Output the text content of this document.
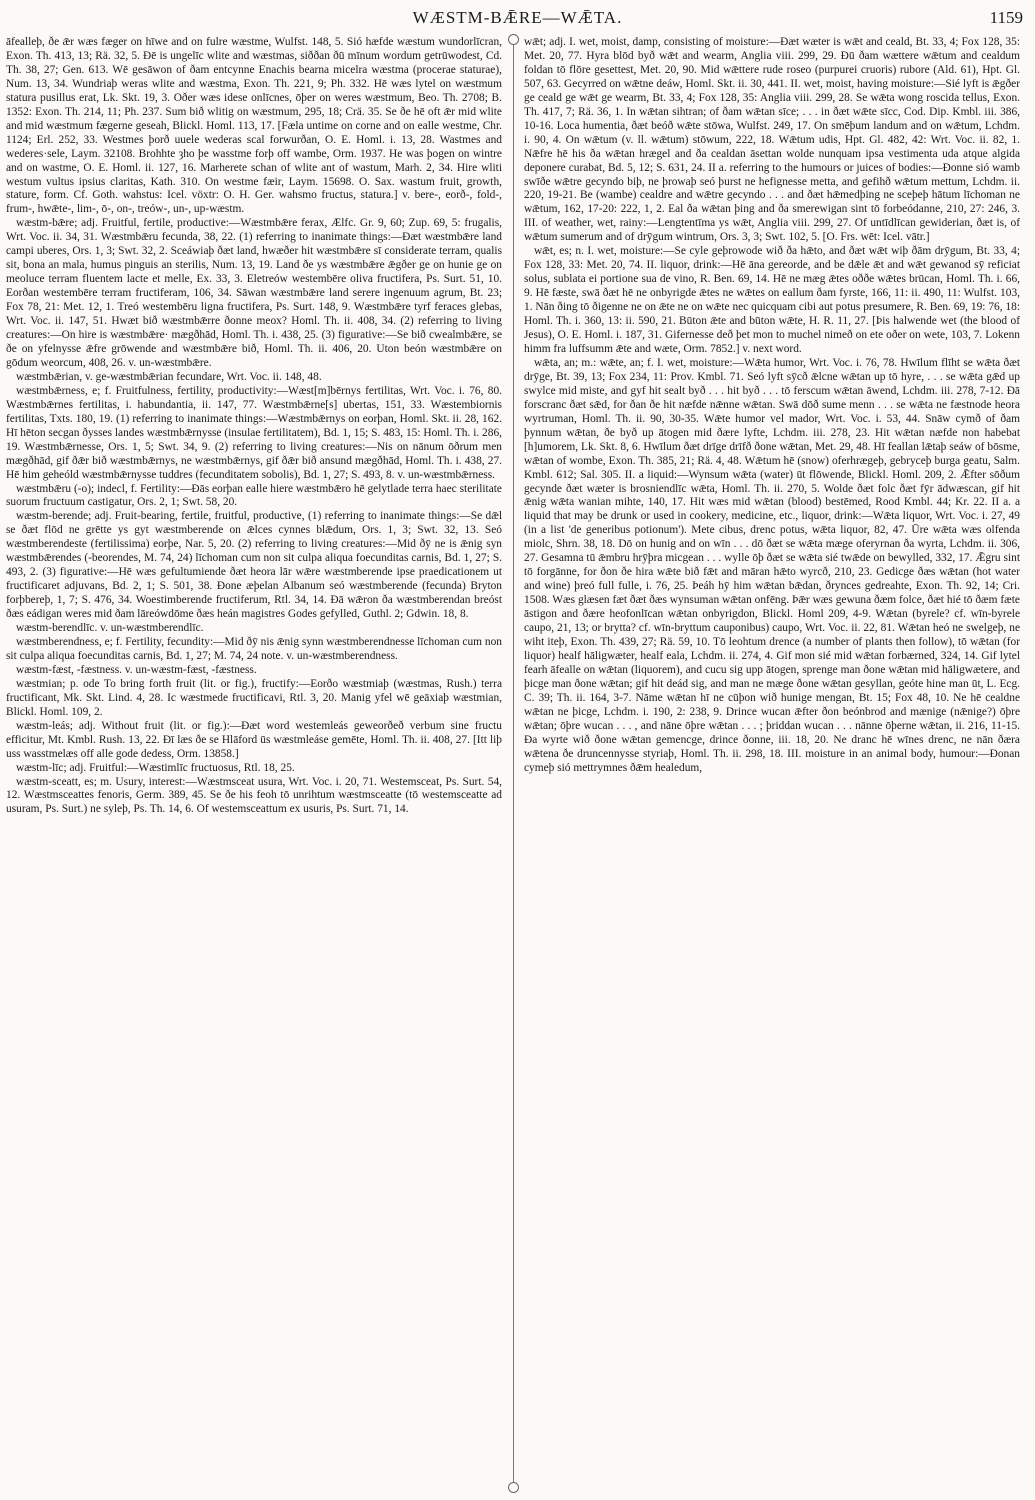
WÆSTM-BǢRE—WǢTA.	1159

āfealleþ, ðe ǣr wæs fæger on hīwe and on fulre wæstme, Wulfst. 148, 5. Sió hæfde wæstum wundorlīcran, Exon. Th. 413, 13; Rä. 32, 5. Ðē is ungelīc wlite and wæstmas, siððan ðū mīnum wordum getrūwodest, Cd. Th. 38, 27; Gen. 613. Wē gesāwon of ðam entcynne Enachis bearna micelra wæstma (procerae staturae), Num. 13, 34. Wundriaþ weras wlite and wæstma, Exon. Th. 221, 9; Ph. 332. Hē wæs lytel on wæstmum statura pusillus erat, Lk. Skt. 19, 3. Oðer wæs idese onlīcnes, ōþer on weres wæstmum, Beo. Th. 2708; B. 1352: Exon. Th. 214, 11; Ph. 237. Sum bið wlitig on wæstmum, 295, 18; Crä. 35. Se ðe hē oft ǣr mid wlite and mid wæstmum fægerne geseah, Blickl. Homl. 113, 17. [Fæla untime on corne and on ealle westme, Chr. 1124; Erl. 252, 33. Westmes þorð uuele wederas scal forwurðan, O. E. Homl. i. 13, 28. Wastmes and wederes·sele, Laym. 32108. Brohhte ȝho þe wasstme forþ off wambe, Orm. 1937. He was þogen on wintre and on wastme, O. E. Homl. ii. 127, 16. Marherete schan of wlite ant of wastum, Marh. 2, 34. Hire wliti westum vultus ipsius claritas, Kath. 310. On westme fæir, Laym. 15698. O. Sax. wastum fruit, growth, stature, form. Cf. Goth. wahstus: Icel. vöxtr: O. H. Ger. wahsmo fructus, statura.] v. bere-, eorð-, fold-, frum-, hwǣte-, lim-, ō-, on-, treów-, un-, up-wæstm.

wæstm-bǣre; adj. Fruitful, fertile, productive:—Wæstmbǣre ferax, Ælfc. Gr. 9, 60; Zup. 69, 5: frugalis, Wrt. Voc. ii. 34, 31. Wæstmbǣru fecunda, 38, 22. (1) referring to inanimate things:—Ðæt wæstmbǣre land campi uberes, Ors. 1, 3; Swt. 32, 2. Sceáwiaþ ðæt land, hwæðer hit wæstmbǣre sī considerate terram, qualis sit, bona an mala, humus pinguis an sterilis, Num. 13, 19. Land ðe ys wæstmbǣre ǣgðer ge on hunie ge on meoluce terram fluentem lacte et melle, Ex. 33, 3. Eletreów westembēre oliva fructifera, Ps. Surt. 51, 10. Eorðan westembēre terram fructiferam, 106, 34. Sāwan wæstmbǣre land serere ingenuum agrum, Bt. 23; Fox 78, 21: Met. 12, 1. Treó westembēru ligna fructifera, Ps. Surt. 148, 9. Wæstmbǣre tyrf feraces glebas, Wrt. Voc. ii. 147, 51. Hwæt bið wæstmbǣrre ðonne meox? Homl. Th. ii. 408, 34. (2) referring to living creatures:—On hire is wæstmbǣre· mægðhād, Homl. Th. i. 438, 25. (3) figurative:—Se bið cwealmbǣre, se ðe on yfelnysse ǣfre grōwende and wæstmbǣre bið, Homl. Th. ii. 406, 20. Uton beón wæstmbǣre on gōdum weorcum, 408, 26. v. un-wæstmbǣre.

wæstmbǣrian, v. ge-wæstmbǣrian fecundare, Wrt. Voc. ii. 148, 48.

wæstmbǣrness, e; f. Fruitfulness, fertility, productivity:—Wæst[m]bērnys fertilitas, Wrt. Voc. i. 76, 80. Wæstmbǣrnes fertilitas, i. habundantia, ii. 147, 77. Wæstmbǣrne[s] ubertas, 151, 33. Wæstembiornis fertilitas, Txts. 180, 19. (1) referring to inanimate things:—Wæstmbǣrnys on eorþan, Homl. Skt. ii. 28, 162. Hī hēton secgan ðysses landes wæstmbǣrnysse (insulae fertilitatem), Bd. 1, 15; S. 483, 15: Homl. Th. i. 286, 19. Wæstmbǣrnesse, Ors. 1, 5; Swt. 34, 9. (2) referring to living creatures:—Nis on nānum ōðrum men mægðhād, gif ðǣr bið wæstmbǣrnys, ne wæstmbǣrnys, gif ðǣr bið ansund mægðhād, Homl. Th. i. 438, 27. Hē him geheóld wæstmbǣrnysse tuddres (fecunditatem sobolis), Bd. 1, 27; S. 493, 8. v. un-wæstmbǣrness.

wæstmbǣru (-o); indecl, f. Fertility:—Ðās eorþan ealle hiere wæstmbǣro hē gelytlade terra haec sterilitate suorum fructuum castigatur, Ors. 2, 1; Swt. 58, 20.

wæstm-berende; adj. Fruit-bearing, fertile, fruitful, productive, (1) referring to inanimate things:—Se dǣl se ðæt flōd ne grētte ys gyt wæstmberende on ǣlces cynnes blǣdum, Ors. 1, 3; Swt. 32, 13. Seó wæstmberendeste (fertilissima) eorþe, Nar. 5, 20. (2) referring to living creatures:—Mid ðȳ ne is ǣnig syn wæstmbǣrendes (-beorendes, M. 74, 24) līchoman cum non sit culpa aliqua foecunditas carnis, Bd. 1, 27; S. 493, 2. (3) figurative:—Hē wæs gefultumiende ðæt heora lār wǣre wæstmberende ipse praedicationem ut fructificaret adjuvans, Bd. 2, 1; S. 501, 38. Ðone æþelan Albanum seó wæstmberende (fecunda) Bryton forþbereþ, 1, 7; S. 476, 34. Woestimberende fructiferum, Rtl. 34, 14. Ðā wǣron ða wæstmberendan breóst ðæs eádigan weres mid ðam lāreówdōme ðæs heán magistres Godes gefylled, Guthl. 2; Gdwin. 18, 8.

wæstm-berendlīc. v. un-wæstmberendlīc.

wæstmberendness, e; f. Fertility, fecundity:—Mid ðȳ nis ǣnig synn wæstmberendnesse līchoman cum non sit culpa aliqua foecunditas carnis, Bd. 1, 27; M. 74, 24 note. v. un-wæstmberendness.

wæstm-fæst, -fæstness. v. un-wæstm-fæst, -fæstness.

wæstmian; p. ode To bring forth fruit (lit. or fig.), fructify:—Eorðo wæstmiaþ (wæstmas, Rush.) terra fructificant, Mk. Skt. Lind. 4, 28. Ic wæstmede fructificavi, Rtl. 3, 20. Manig yfel wē geāxiaþ wæstmian, Blickl. Homl. 109, 2.

wæstm-leás; adj. Without fruit (lit. or fig.):—Ðæt word westemleás geweorðeð verbum sine fructu efficitur, Mt. Kmbl. Rush. 13, 22. Ðī læs ðe se Hlāford ūs wæstmleáse gemēte, Homl. Th. ii. 408, 27. [Itt liþ uss wasstmelæs off alle gode dedess, Orm. 13858.]

wæstm-līc; adj. Fruitful:—Wæstimlīc fructuosus, Rtl. 18, 25.

wæstm-sceatt, es; m. Usury, interest:—Wæstmsceat usura, Wrt. Voc. i. 20, 71. Westemsceat, Ps. Surt. 54, 12. Wæstmsceattes fenoris, Germ. 389, 45. Se ðe his feoh tō unrihtum wæstmsceatte (tō westemsceatte ad usuram, Ps. Surt.) ne syleþ, Ps. Th. 14, 6. Of westemsceattum ex usuris, Ps. Surt. 71, 14.

wǣt; adj. I. wet, moist, damp, consisting of moisture:—Ðæt wæter is wǣt and ceald, Bt. 33, 4; Fox 128, 35: Met. 20, 77. Hyra blōd byð wǣt and wearm, Anglia viii. 299, 29. Ðū ðam wættere wǣtum and cealdum foldan tō flōre gesettest, Met. 20, 90. Mid wǣttere rude roseo (purpurei cruoris) rubore (Ald. 61), Hpt. Gl. 507, 63. Gecyrred on wǣtne deáw, Homl. Skt. ii. 30, 441. II. wet, moist, having moisture:—Sié lyft is ǣgðer ge ceald ge wǣt ge wearm, Bt. 33, 4; Fox 128, 35: Anglia viii. 299, 28. Se wǣta wong roscida tellus, Exon. Th. 417, 7; Rä. 36, 1. In wǣtan sihtran; of ðam wǣtan sīce; . . . in ðæt wǣte sīcc, Cod. Dip. Kmbl. iii. 386, 10-16. Loca humentia, ðæt beóð wǣte stōwa, Wulfst. 249, 17. On smēþum landum and on wǣtum, Lchdm. i. 90, 4. On wǣtum (v. ll. wǣtum) stōwum, 222, 18. Wǣtum udis, Hpt. Gl. 482, 42: Wrt. Voc. ii. 82, 1. Nǣfre hē his ða wǣtan hrægel and ða cealdan āsettan wolde nunquam ipsa vestimenta uda atque algida deponere curabat, Bd. 5, 12; S. 631, 24. II a. referring to the humours or juices of bodies:—Ðonne sió wamb swīðe wǣtre gecyndo biþ, ne þrowaþ seó þurst ne hefignesse metta, and gefihð wǣtum mettum, Lchdm. ii. 220, 19-21. Be (wambe) cealdre and wǣtre gecyndo . . . and ðæt hǣmedþing ne sceþeþ hātum līchoman ne wǣtum, 162, 17-20: 222, 1, 2. Eal ða wǣtan þing and ða smerewigan sint tō forbeódanne, 210, 27: 246, 3. III. of weather, wet, rainy:—Lengtentīma ys wǣt, Anglia viii. 299, 27. Of untīdlīcan gewiderian, ðæt is, of wǣtum sumerum and of drȳgum wintrum, Ors. 3, 3; Swt. 102, 5. [O. Frs. wēt: Icel. vātr.]

wǣt, es; n. I. wet, moisture:—Se cyle geþrowode wið ða hǣto, and ðæt wǣt wiþ ðām drȳgum, Bt. 33, 4; Fox 128, 33: Met. 20, 74. II. liquor, drink:—Hē āna gereorde, and be dǣle ǣt and wǣt gewanod sȳ reficiat solus, sublata ei portione sua de vino, R. Ben. 69, 14. Hē ne mæg ǣtes oððe wǣtes brūcan, Homl. Th. i. 66, 9. Hē fæste, swā ðæt hē ne onbyrigde ǣtes ne wǣtes on eallum ðam fyrste, 166, 11: ii. 490, 11: Wulfst. 103, 1. Nān ðing tō ðigenne ne on ǣte ne on wǣte nec quicquam cibi aut potus presumere, R. Ben. 69, 19: 76, 18: Homl. Th. i. 360, 13: ii. 590, 21. Būton ǣte and būton wǣte, H. R. 11, 27. [Þis halwende wet (the blood of Jesus), O. E. Homl. i. 187, 31. Gifernesse deð þet mon to muchel nimeð on ete oðer on wete, 103, 7. Lokenn himm fra luffsumm ǣte and wæte, Orm. 7852.] v. next word.

wǣta, an; m.: wǣte, an; f. I. wet, moisture:—Wǣta humor, Wrt. Voc. i. 76, 78. Hwīlum flīht se wǣta ðæt drȳge, Bt. 39, 13; Fox 234, 11: Prov. Kmbl. 71. Seó lyft sȳcð ǣlcne wǣtan up tō hyre, . . . se wǣta gǣd up swylce mid miste, and gyf hit sealt byð . . . hit byð . . . tō ferscum wǣtan āwend, Lchdm. iii. 278, 7-12. Ðā forscranc ðæt sǣd, for ðan ðe hit næfde nǣnne wǣtan. Swā dōð sume menn . . . se wǣta ne fæstnode heora wyrtruman, Homl. Th. ii. 90, 30-35. Wǣte humor vel mador, Wrt. Voc. i. 53, 44. Snāw cymð of ðam þynnum wǣtan, ðe byð up ātogen mid ðære lyfte, Lchdm. iii. 278, 23. Hit wǣtan næfde non habebat [h]umorem, Lk. Skt. 8, 6. Hwīlum ðæt drīge drīfð ðone wǣtan, Met. 29, 48. Hī feallan lǣtaþ seáw of bōsme, wǣtan of wombe, Exon. Th. 385, 21; Rä. 4, 48. Wǣtum hē (snow) oferhrægeþ, gebryceþ burga geatu, Salm. Kmbl. 612; Sal. 305. II. a liquid:—Wynsum wǣta (water) ūt flōwende, Blickl. Homl. 209, 2. Ǣfter sōðum gecynde ðæt wæter is brosniendlīc wǣta, Homl. Th. ii. 270, 5. Wolde ðæt folc ðæt fȳr ādwæscan, gif hit ǣnig wǣta wanian mihte, 140, 17. Hit wæs mid wǣtan (blood) bestēmed, Rood Kmbl. 44; Kr. 22. II a. a liquid that may be drunk or used in cookery, medicine, etc., liquor, drink:—Wǣta liquor, Wrt. Voc. i. 27, 49 (in a list 'de generibus potionum'). Mete cibus, drenc potus, wǣta liquor, 82, 47. Ūre wǣta wæs olfenda miolc, Shrn. 38, 18. Dō on hunig and on wīn . . . dō ðæt se wǣta mæge oferyrnan ða wyrta, Lchdm. ii. 306, 27. Gesamna tū ǣmbru hrȳþra micgean . . . wylle ōþ ðæt se wǣta sié twǣde on bewylled, 332, 17. Ǣgru sint tō forgānne, for ðon ðe hira wǣte bið fǣt and māran hǣto wyrcð, 210, 23. Gedicge ðæs wǣtan (hot water and wine) þreó full fulle, i. 76, 25. Þeáh hȳ him wǣtan bǣdan, ðrynces gedreahte, Exon. Th. 92, 14; Cri. 1508. Wæs glæsen fæt ðæt ðæs wynsuman wǣtan onfēng. Þǣr wæs gewuna ðæm folce, ðæt hié tō ðæm fæte āstigon and ðære heofonlīcan wǣtan onbyrigdon, Blickl. Homl 209, 4-9. Wǣtan (byrele? cf. wīn-byrele caupo, 21, 13; or brytta? cf. wīn-bryttum cauponibus) caupo, Wrt. Voc. ii. 22, 81. Wǣtan heó ne swelgeþ, ne wiht iteþ, Exon. Th. 439, 27; Rä. 59, 10. Tō leohtum drence (a number of plants then follow), tō wǣtan (for liquor) healf hāligwæter, healf eala, Lchdm. ii. 274, 4. Gif mon sié mid wǣtan forbærned, 324, 14. Gif lytel fearh āfealle on wǣtan (liquorem), and cucu sig upp ātogen, sprenge man ðone wǣtan mid hāligwætere, and þicge man ðone wǣtan; gif hit deád sig, and man ne mæge ðone wǣtan gesyllan, geóte hine man ūt, L. Ecg. C. 39; Th. ii. 164, 3-7. Nāme wǣtan hī ne cūþon wið hunige mengan, Bt. 15; Fox 48, 10. Ne hē cealdne wǣtan ne þicge, Lchdm. i. 190, 2: 238, 9. Drince wucan ǣfter ðon beónbrod and mænige (nǣnige?) ōþre wǣtan; ōþre wucan . . . , and nāne ōþre wǣtan . . . ; þriddan wucan . . . nānne ōþerne wǣtan, ii. 216, 11-15. Ða wyrte wið ðone wǣtan gemencge, drince ðonne, iii. 18, 20. Ne dranc hē wīnes drenc, ne nān ðæra wǣtena ðe druncennysse styriaþ, Homl. Th. ii. 298, 18. III. moisture in an animal body, humour:—Ðonan cymeþ sió mettrymnes ðǣm healedum,
